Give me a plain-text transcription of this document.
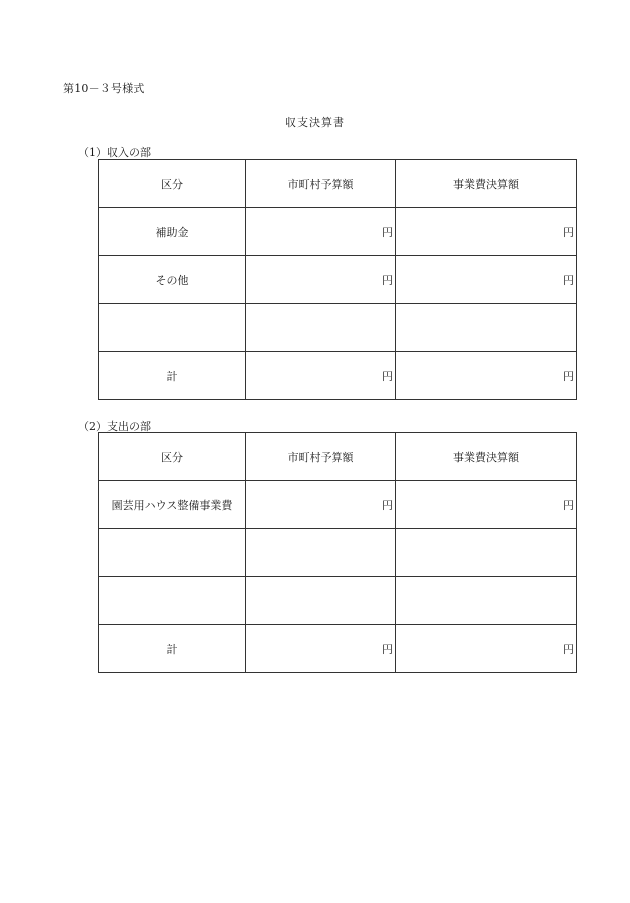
第10－３号様式
収支決算書
（1）収入の部
区分	市町村予算額	事業費決算額
補助金	円	円
その他	円	円

計	円	円
（2）支出の部
区分	市町村予算額	事業費決算額
園芸用ハウス整備事業費	円	円

計	円	円
